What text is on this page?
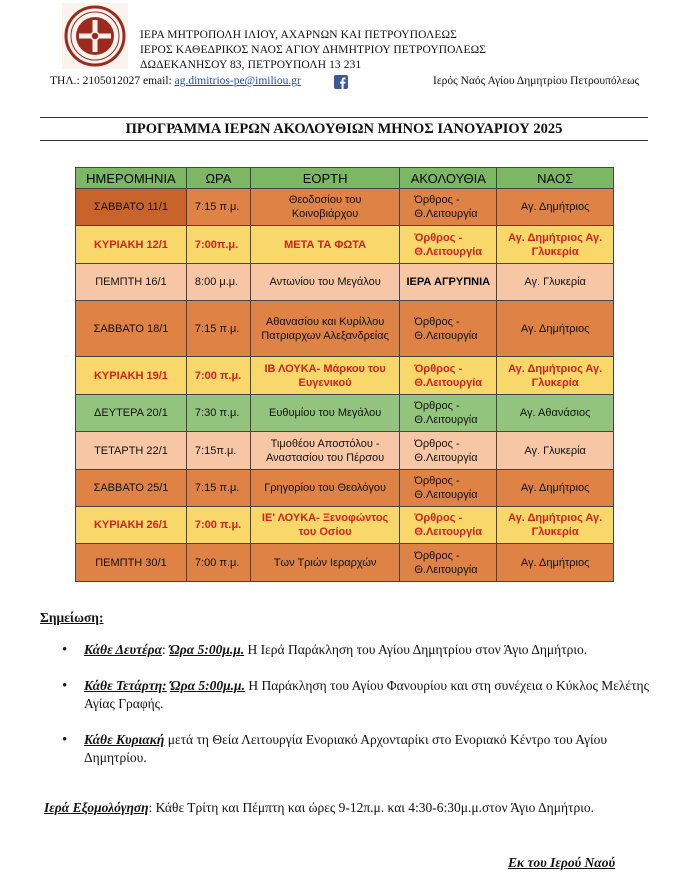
ΙΕΡΑ ΜΗΤΡΟΠΟΛΗ ΙΛΙΟΥ, ΑΧΑΡΝΩΝ ΚΑΙ ΠΕΤΡΟΥΠΟΛΕΩΣ
ΙΕΡΟΣ ΚΑΘΕΔΡΙΚΟΣ ΝΑΟΣ ΑΓΙΟΥ ΔΗΜΗΤΡΙΟΥ ΠΕΤΡΟΥΠΟΛΕΩΣ
ΔΩΔΕΚΑΝΗΣΟΥ 83, ΠΕΤΡΟΥΠΟΛΗ 13 231
ΤΗΛ.: 2105012027 email: ag.dimitrios-pe@imiliou.gr	Ιερός Ναός Αγίου Δημητρίου Πετρουπόλεως
ΠΡΟΓΡΑΜΜΑ ΙΕΡΩΝ ΑΚΟΛΟΥΘΙΩΝ ΜΗΝΟΣ ΙΑΝΟΥΑΡΙΟΥ 2025
ΗΜΕΡΟΜΗΝΙΑ	ΩΡΑ	ΕΟΡΤΗ	ΑΚΟΛΟΥΘΙΑ	ΝΑΟΣ
ΣΑΒΒΑΤΟ 11/1	7:15 π.μ.	Θεοδοσίου του Κοινοβιάρχου	Όρθρος - Θ.Λειτουργία	Αγ. Δημήτριος
ΚΥΡΙΑΚΗ 12/1	7:00π.μ.	ΜΕΤΑ ΤΑ ΦΩΤΑ	Όρθρος - Θ.Λειτουργία	Αγ. Δημήτριος Αγ. Γλυκερία
ΠΕΜΠΤΗ 16/1	8:00 μ.μ.	Αντωνίου του Μεγάλου	ΙΕΡΑ ΑΓΡΥΠΝΙΑ	Αγ. Γλυκερία
ΣΑΒΒΑΤΟ 18/1	7:15 π.μ.	Αθανασίου και Κυρίλλου Πατριαρχων Αλεξανδρείας	Όρθρος - Θ.Λειτουργία	Αγ. Δημήτριος
ΚΥΡΙΑΚΗ 19/1	7:00 π.μ.	ΙΒ ΛΟΥΚΑ- Μάρκου του Ευγενικού	Όρθρος - Θ.Λειτουργία	Αγ. Δημήτριος Αγ. Γλυκερία
ΔΕΥΤΕΡΑ 20/1	7:30 π.μ.	Ευθυμίου του Μεγάλου	Όρθρος - Θ.Λειτουργία	Αγ. Αθανάσιος
ΤΕΤΑΡΤΗ 22/1	7:15π.μ.	Τιμοθέου Αποστόλου - Αναστασίου του Πέρσου	Όρθρος - Θ.Λειτουργία	Αγ. Γλυκερία
ΣΑΒΒΑΤΟ 25/1	7:15 π.μ.	Γρηγορίου του Θεολόγου	Όρθρος - Θ.Λειτουργία	Αγ. Δημήτριος
ΚΥΡΙΑΚΗ 26/1	7:00 π.μ.	ΙΕ' ΛΟΥΚΑ- Ξενοφώντος του Οσίου	Όρθρος - Θ.Λειτουργία	Αγ. Δημήτριος Αγ. Γλυκερία
ΠΕΜΠΤΗ 30/1	7:00 π.μ.	Των Τριών Ιεραρχών	Όρθρος - Θ.Λειτουργία	Αγ. Δημήτριος
Σημείωση:
• Κάθε Δευτέρα: Ώρα 5:00μ.μ. Η Ιερά Παράκληση του Αγίου Δημητρίου στον Άγιο Δημήτριο.
• Κάθε Τετάρτη: Ώρα 5:00μ.μ. Η Παράκληση του Αγίου Φανουρίου και στη συνέχεια ο Κύκλος Μελέτης Αγίας Γραφής.
• Κάθε Κυριακή μετά τη Θεία Λειτουργία Ενοριακό Αρχονταρίκι στο Ενοριακό Κέντρο του Αγίου Δημητρίου.
Ιερά Εξομολόγηση: Κάθε Τρίτη και Πέμπτη και ώρες 9-12π.μ. και 4:30-6:30μ.μ.στον Άγιο Δημήτριο.
Εκ του Ιερού Ναού
